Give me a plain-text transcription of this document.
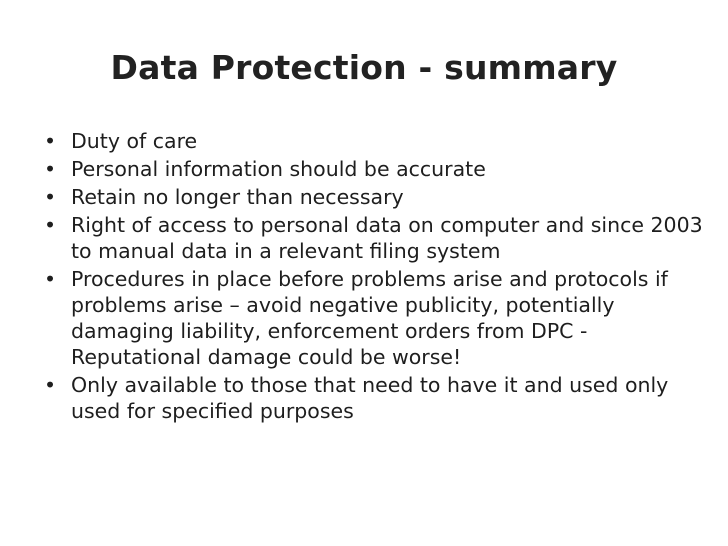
Data Protection - summary
• Duty of care
• Personal information should be accurate
• Retain no longer than necessary
• Right of access to personal data on computer and since 2003 to manual data in a relevant filing system
• Procedures in place before problems arise and protocols if problems arise – avoid negative publicity, potentially damaging liability, enforcement orders from DPC - Reputational damage could be worse!
• Only available to those that need to have it and used only used for specified purposes
